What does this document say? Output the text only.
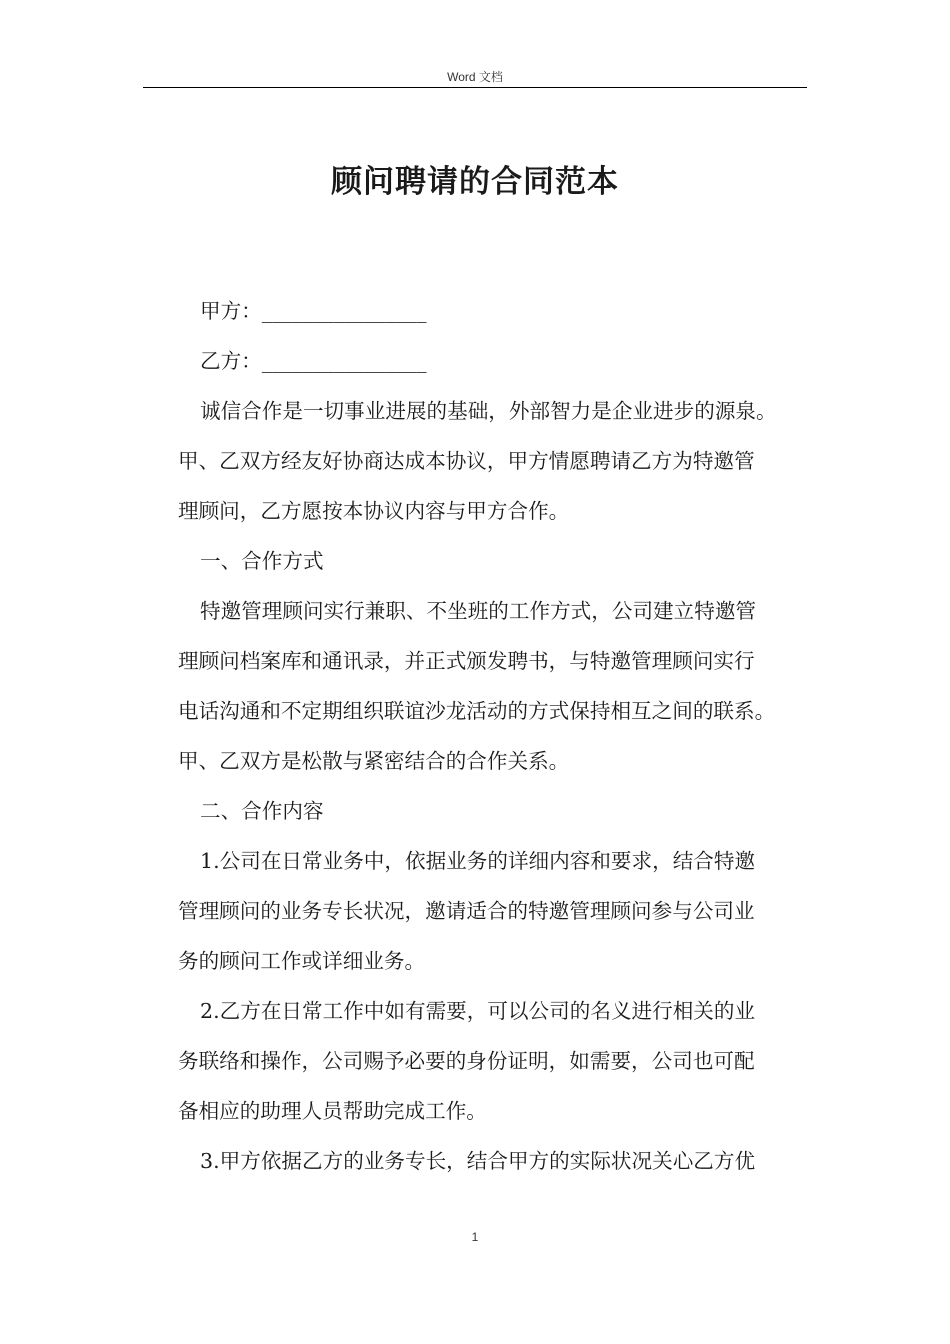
Word 文档
顾问聘请的合同范本
甲方：________________
乙方：________________
诚信合作是一切事业进展的基础，外部智力是企业进步的源泉。
甲、乙双方经友好协商达成本协议，甲方情愿聘请乙方为特邀管
理顾问，乙方愿按本协议内容与甲方合作。
一、合作方式
特邀管理顾问实行兼职、不坐班的工作方式，公司建立特邀管
理顾问档案库和通讯录，并正式颁发聘书，与特邀管理顾问实行
电话沟通和不定期组织联谊沙龙活动的方式保持相互之间的联系。
甲、乙双方是松散与紧密结合的合作关系。
二、合作内容
1.公司在日常业务中，依据业务的详细内容和要求，结合特邀
管理顾问的业务专长状况，邀请适合的特邀管理顾问参与公司业
务的顾问工作或详细业务。
2.乙方在日常工作中如有需要，可以公司的名义进行相关的业
务联络和操作，公司赐予必要的身份证明，如需要，公司也可配
备相应的助理人员帮助完成工作。
3.甲方依据乙方的业务专长，结合甲方的实际状况关心乙方优
1
